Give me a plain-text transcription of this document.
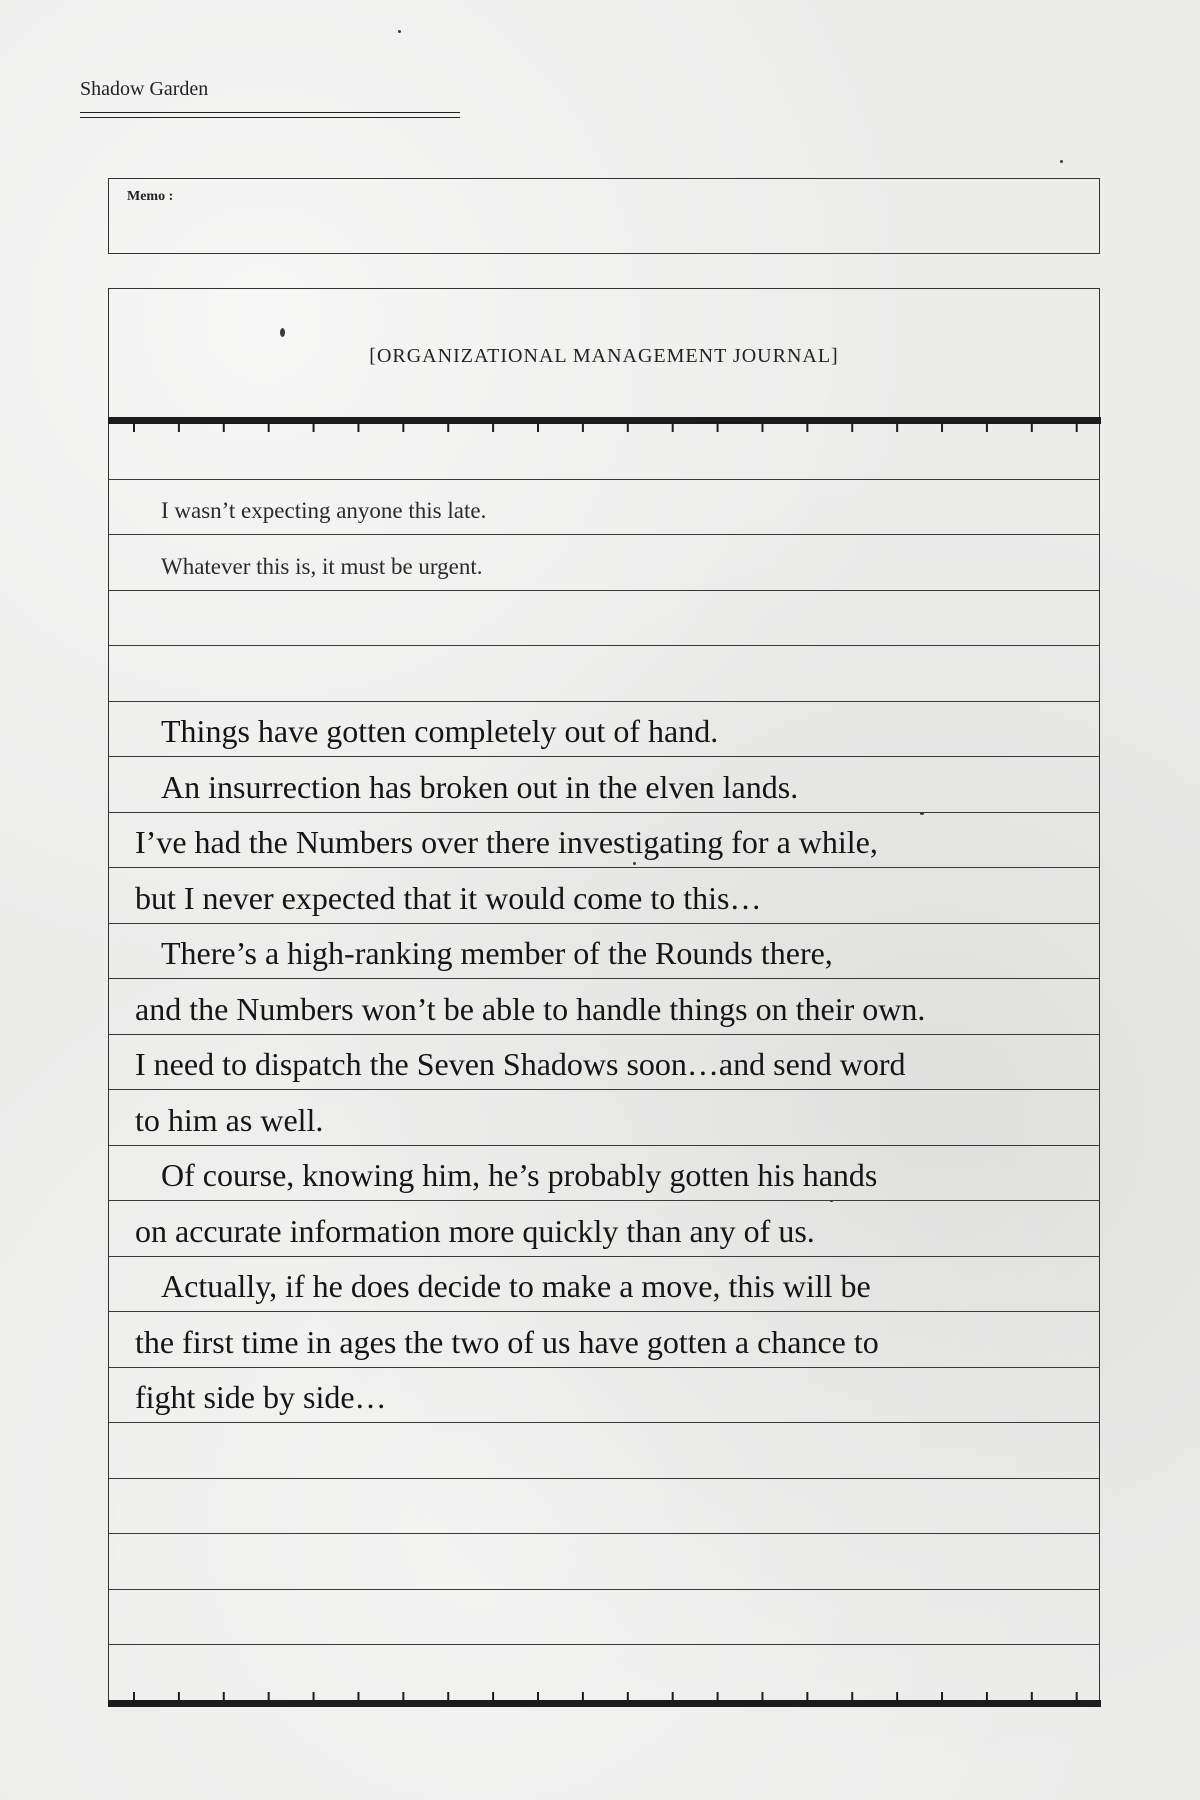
Shadow Garden
Memo :
[ORGANIZATIONAL MANAGEMENT JOURNAL]
I wasn’t expecting anyone this late.
Whatever this is, it must be urgent.
Things have gotten completely out of hand.
An insurrection has broken out in the elven lands.
I’ve had the Numbers over there investigating for a while,
but I never expected that it would come to this…
There’s a high-ranking member of the Rounds there,
and the Numbers won’t be able to handle things on their own.
I need to dispatch the Seven Shadows soon…and send word
to him as well.
Of course, knowing him, he’s probably gotten his hands
on accurate information more quickly than any of us.
Actually, if he does decide to make a move, this will be
the first time in ages the two of us have gotten a chance to
fight side by side…
